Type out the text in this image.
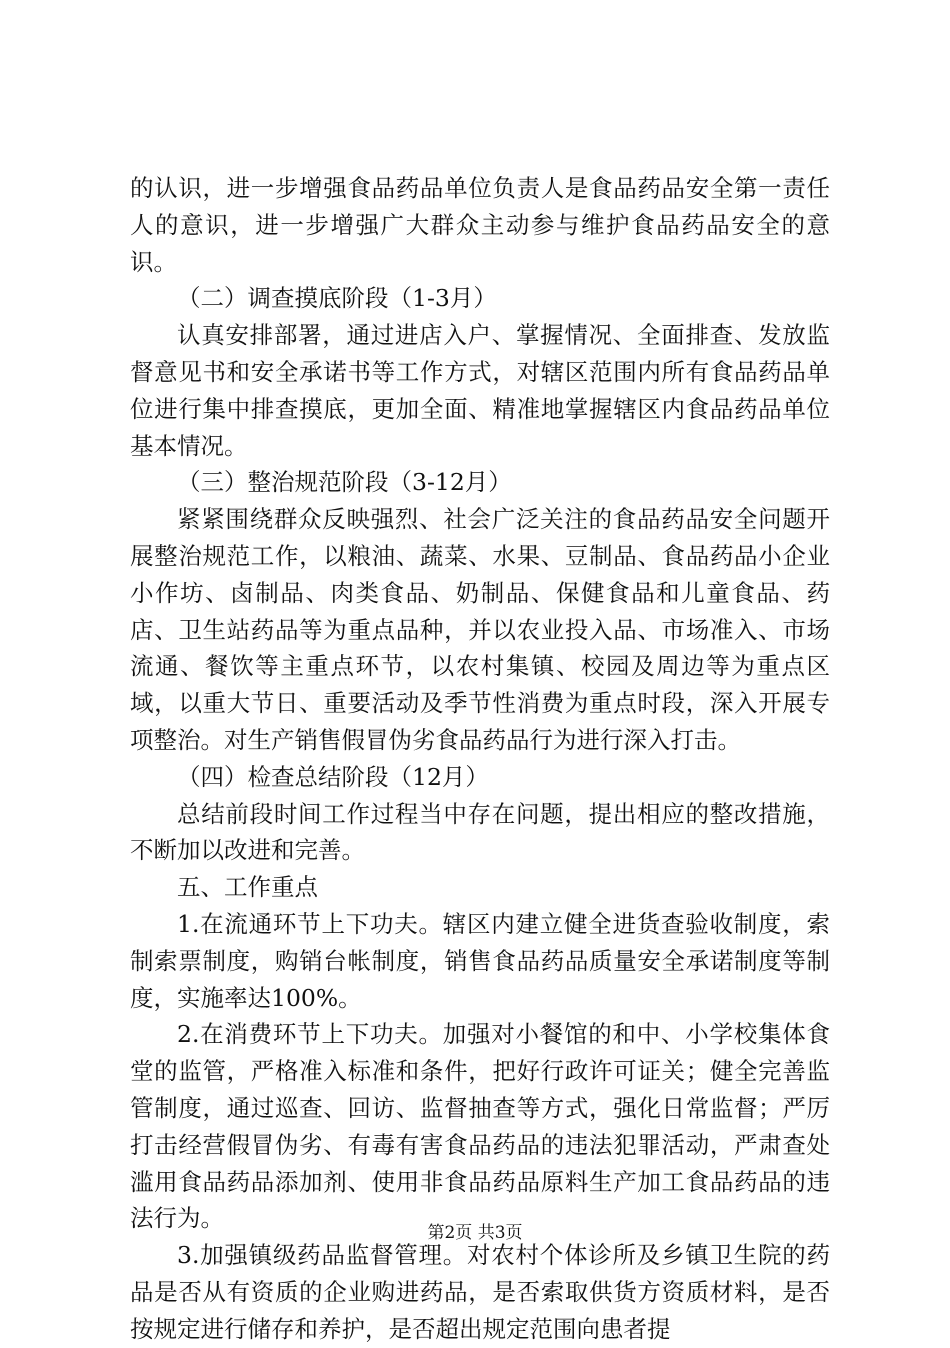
的认识，进一步增强食品药品单位负责人是食品药品安全第一责任人的意识，进一步增强广大群众主动参与维护食品药品安全的意识。

（二）调查摸底阶段（1-3月）

认真安排部署，通过进店入户、掌握情况、全面排查、发放监督意见书和安全承诺书等工作方式，对辖区范围内所有食品药品单位进行集中排查摸底，更加全面、精准地掌握辖区内食品药品单位基本情况。

（三）整治规范阶段（3-12月）

紧紧围绕群众反映强烈、社会广泛关注的食品药品安全问题开展整治规范工作，以粮油、蔬菜、水果、豆制品、食品药品小企业小作坊、卤制品、肉类食品、奶制品、保健食品和儿童食品、药店、卫生站药品等为重点品种，并以农业投入品、市场准入、市场流通、餐饮等主重点环节，以农村集镇、校园及周边等为重点区域，以重大节日、重要活动及季节性消费为重点时段，深入开展专项整治。对生产销售假冒伪劣食品药品行为进行深入打击。

（四）检查总结阶段（12月）

总结前段时间工作过程当中存在问题，提出相应的整改措施，不断加以改进和完善。

五、工作重点

1.在流通环节上下功夫。辖区内建立健全进货查验收制度，索制索票制度，购销台帐制度，销售食品药品质量安全承诺制度等制度，实施率达100%。

2.在消费环节上下功夫。加强对小餐馆的和中、小学校集体食堂的监管，严格准入标准和条件，把好行政许可证关；健全完善监管制度，通过巡查、回访、监督抽查等方式，强化日常监督；严厉打击经营假冒伪劣、有毒有害食品药品的违法犯罪活动，严肃查处滥用食品药品添加剂、使用非食品药品原料生产加工食品药品的违法行为。

3.加强镇级药品监督管理。对农村个体诊所及乡镇卫生院的药品是否从有资质的企业购进药品，是否索取供货方资质材料，是否按规定进行储存和养护，是否超出规定范围向患者提

第2页 共3页
